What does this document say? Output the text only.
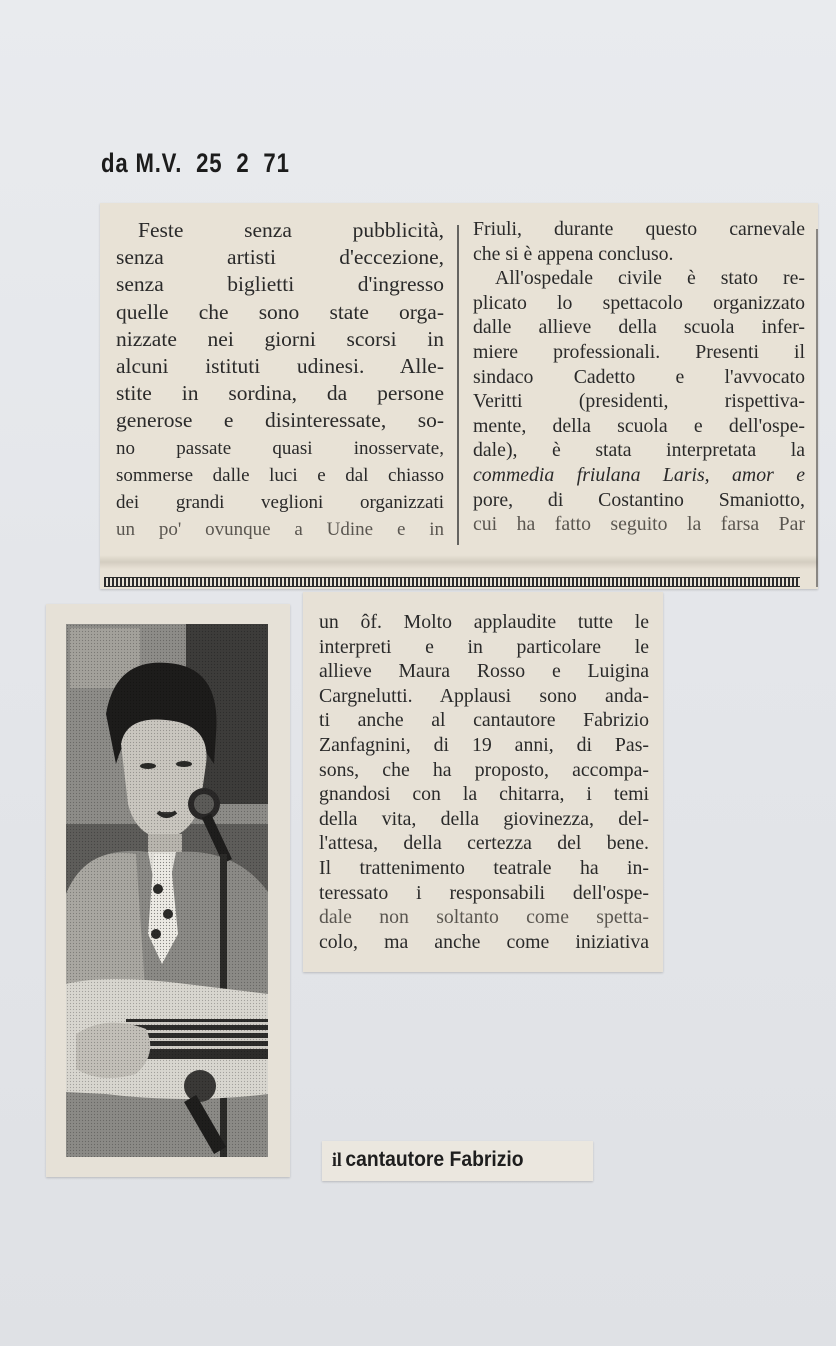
da M.V.  25  2  71
Feste senza pubblicità,
senza artisti d'eccezione,
senza biglietti d'ingresso
quelle che sono state orga-
nizzate nei giorni scorsi in
alcuni istituti udinesi. Alle-
stite in sordina, da persone
generose e disinteressate, so-
no passate quasi inosservate,
sommerse dalle luci e dal chiasso
dei grandi veglioni organizzati
un po' ovunque a Udine e in
Friuli, durante questo carnevale
che si è appena concluso.
All'ospedale civile è stato re-
plicato lo spettacolo organizzato
dalle allieve della scuola infer-
miere professionali. Presenti il
sindaco Cadetto e l'avvocato
Veritti (presidenti, rispettiva-
mente, della scuola e dell'ospe-
dale), è stata interpretata la
commedia friulana Laris, amor e
pore, di Costantino Smaniotto,
cui ha fatto seguito la farsa Par
un ôf. Molto applaudite tutte le
interpreti e in particolare le
allieve Maura Rosso e Luigina
Cargnelutti. Applausi sono anda-
ti anche al cantautore Fabrizio
Zanfagnini, di 19 anni, di Pas-
sons, che ha proposto, accompa-
gnandosi con la chitarra, i temi
della vita, della giovinezza, del-
l'attesa, della certezza del bene.
Il trattenimento teatrale ha in-
teressato i responsabili dell'ospe-
dale non soltanto come spetta-
colo, ma anche come iniziativa
il cantautore Fabrizio
